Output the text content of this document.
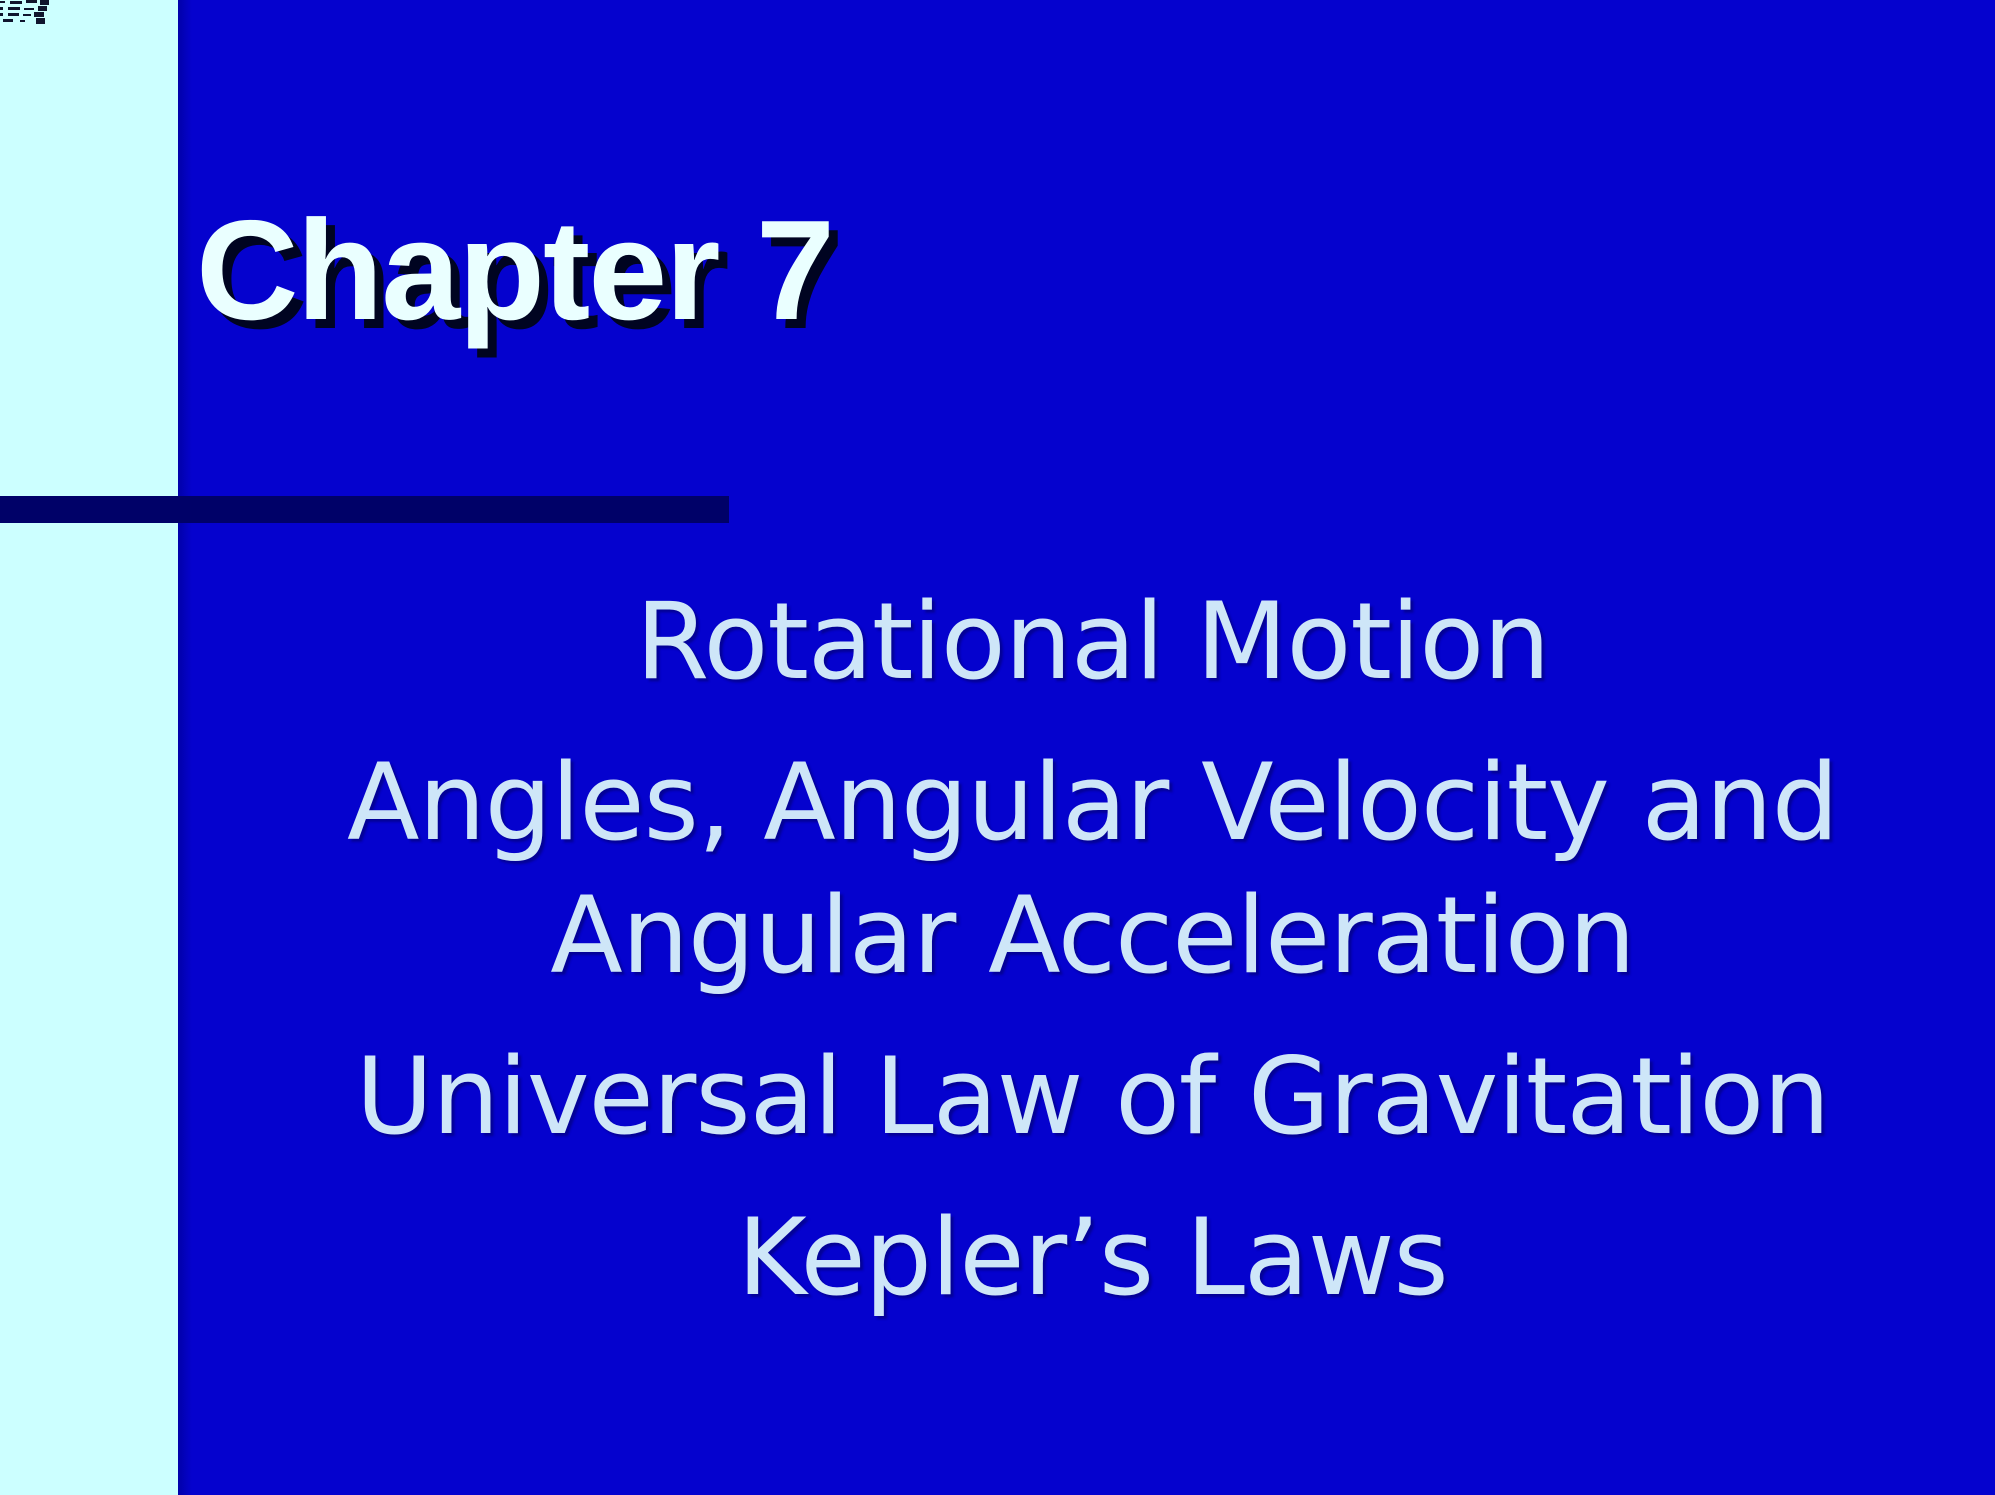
Chapter 7

Rotational Motion

Angles, Angular Velocity and Angular Acceleration

Universal Law of Gravitation

Kepler’s Laws
